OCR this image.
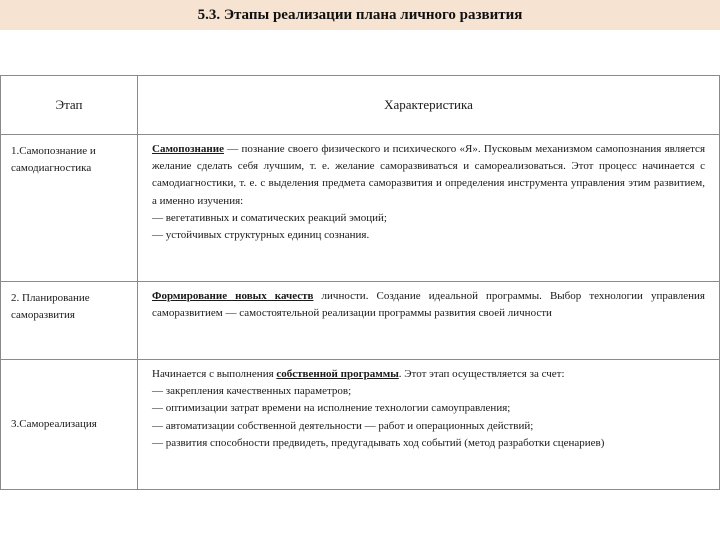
5.3. Этапы реализации плана личного развития
Этап	Характеристика
1.Самопознание и самодиагностика	Самопознание — познание своего физического и психического «Я». Пусковым механизмом самопознания является желание сделать себя лучшим, т. е. желание саморазвиваться и самореализоваться. Этот процесс начинается с самодиагностики, т. е. с выделения предмета саморазвития и определения инструмента управления этим развитием, а именно изучения:

— вегетативных и соматических реакций эмоций;

— устойчивых структурных единиц сознания.

2. Планирование саморазвития	Формирование новых качеств личности. Создание идеальной программы. Выбор технологии управления саморазвитием — самостоятельной реализации программы развития своей личности

3.Самореализация	Начинается с выполнения собственной программы. Этот этап осуществляется за счет:

— закрепления качественных параметров;

— оптимизации затрат времени на исполнение технологии самоуправления;

— автоматизации собственной деятельности — работ и операционных действий;

— развития способности предвидеть, предугадывать ход событий (метод разработки сценариев)
